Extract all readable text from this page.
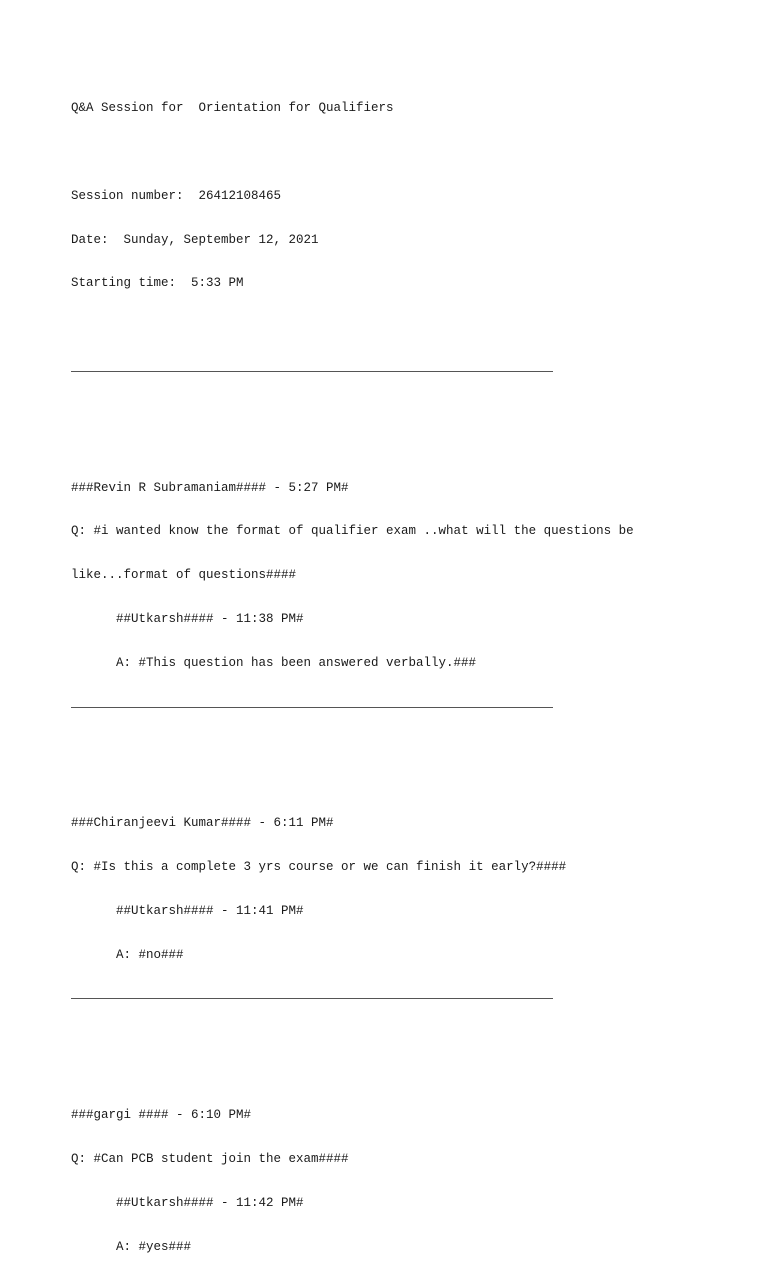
Q&A Session for  Orientation for Qualifiers

Session number:  26412108465

Date:  Sunday, September 12, 2021

Starting time:  5:33 PM

###Revin R Subramaniam#### - 5:27 PM#

Q: #i wanted know the format of qualifier exam ..what will the questions be

like...format of questions####

##Utkarsh#### - 11:38 PM#

A: #This question has been answered verbally.###

###Chiranjeevi Kumar#### - 6:11 PM#

Q: #Is this a complete 3 yrs course or we can finish it early?####

##Utkarsh#### - 11:41 PM#

A: #no###

###gargi #### - 6:10 PM#

Q: #Can PCB student join the exam####

##Utkarsh#### - 11:42 PM#

A: #yes###
